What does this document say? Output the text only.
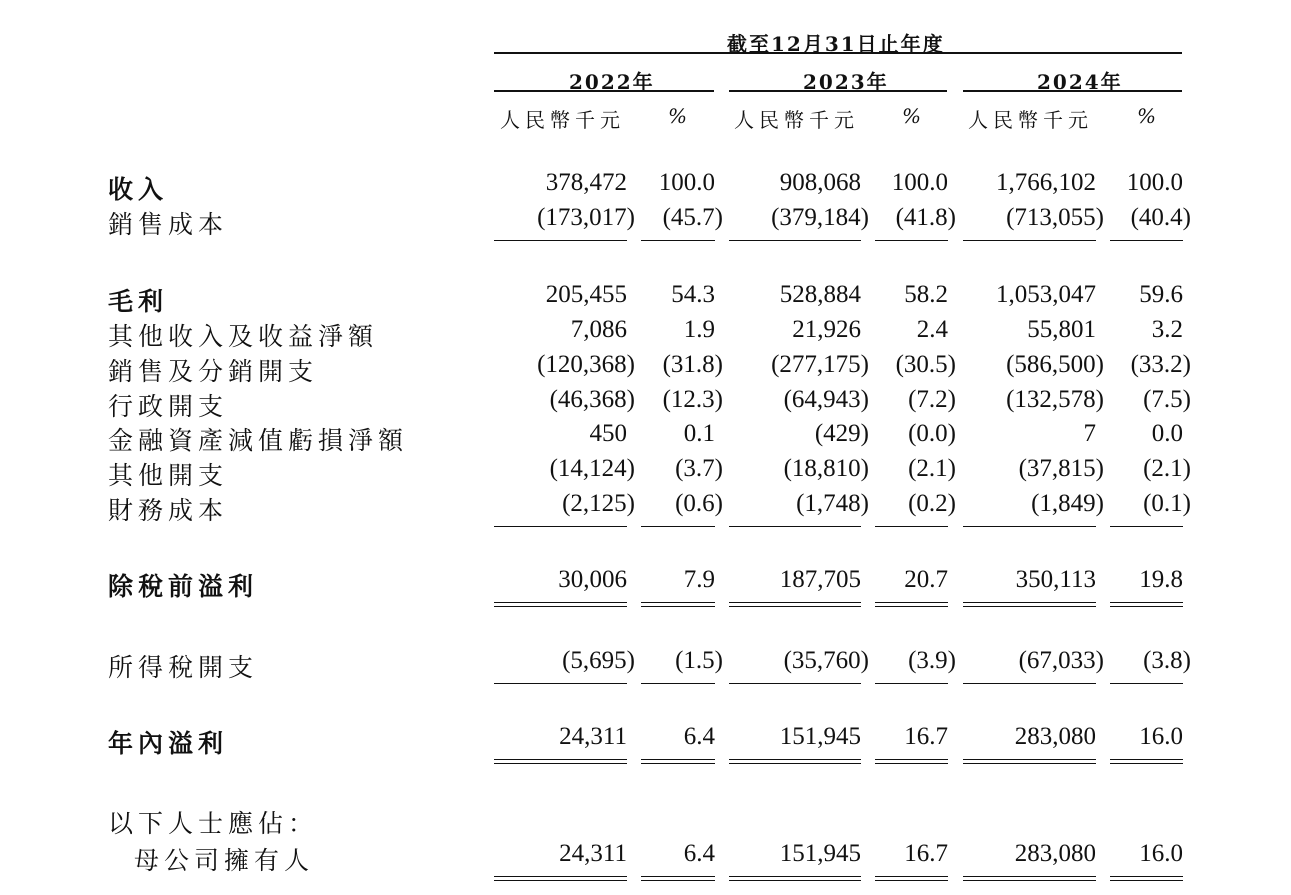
截至12月31日止年度
2022年	2023年	2024年
人民幣千元 % 人民幣千元 % 人民幣千元 %
收入	378,472 100.0	908,068 100.0 1,766,102 100.0
銷售成本	(173,017) (45.7) (379,184) (41.8) (713,055) (40.4)
毛利	205,455 54.3	528,884 58.2 1,053,047 59.6
其他收入及收益淨額	7,086 1.9	21,926 2.4	55,801 3.2
銷售及分銷開支	(120,368) (31.8) (277,175) (30.5) (586,500) (33.2)
行政開支	(46,368) (12.3) (64,943) (7.2) (132,578) (7.5)
金融資產減值虧損淨額	450 0.1	(429) (0.0)	7 0.0
其他開支	(14,124) (3.7) (18,810) (2.1)	(37,815) (2.1)
財務成本	(2,125) (0.6)	(1,748) (0.2)	(1,849) (0.1)
除稅前溢利	30,006 7.9	187,705 20.7	350,113 19.8
所得稅開支	(5,695) (1.5) (35,760) (3.9)	(67,033) (3.8)
年內溢利	24,311 6.4	151,945 16.7	283,080 16.0
以下人士應佔：
母公司擁有人	24,311 6.4	151,945 16.7	283,080 16.0
